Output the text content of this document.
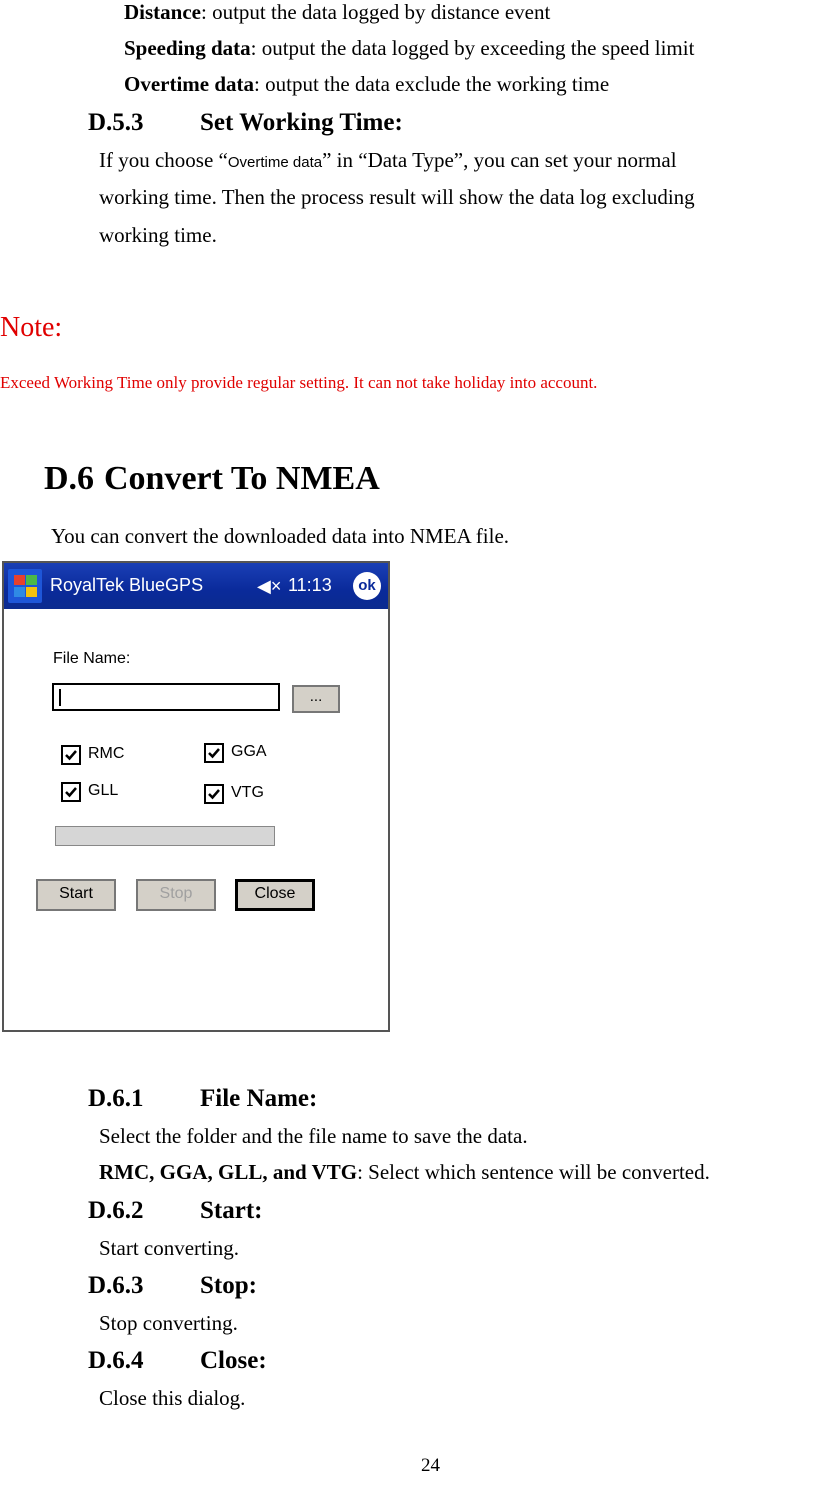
Distance: output the data logged by distance event
Speeding data: output the data logged by exceeding the speed limit
Overtime data: output the data exclude the working time
D.5.3 Set Working Time:
If you choose “Overtime data” in “Data Type”, you can set your normal
working time. Then the process result will show the data log excluding
working time.
Note:
Exceed Working Time only provide regular setting. It can not take holiday into account.
D.6 Convert To NMEA
You can convert the downloaded data into NMEA file.
RoyalTek BlueGPS	◀× 11:13	ok
File Name:
...
RMC	GGA
GLL	VTG
Start	Stop	Close
D.6.1 File Name:
Select the folder and the file name to save the data.
RMC, GGA, GLL, and VTG: Select which sentence will be converted.
D.6.2 Start:
Start converting.
D.6.3 Stop:
Stop converting.
D.6.4 Close:
Close this dialog.
24
